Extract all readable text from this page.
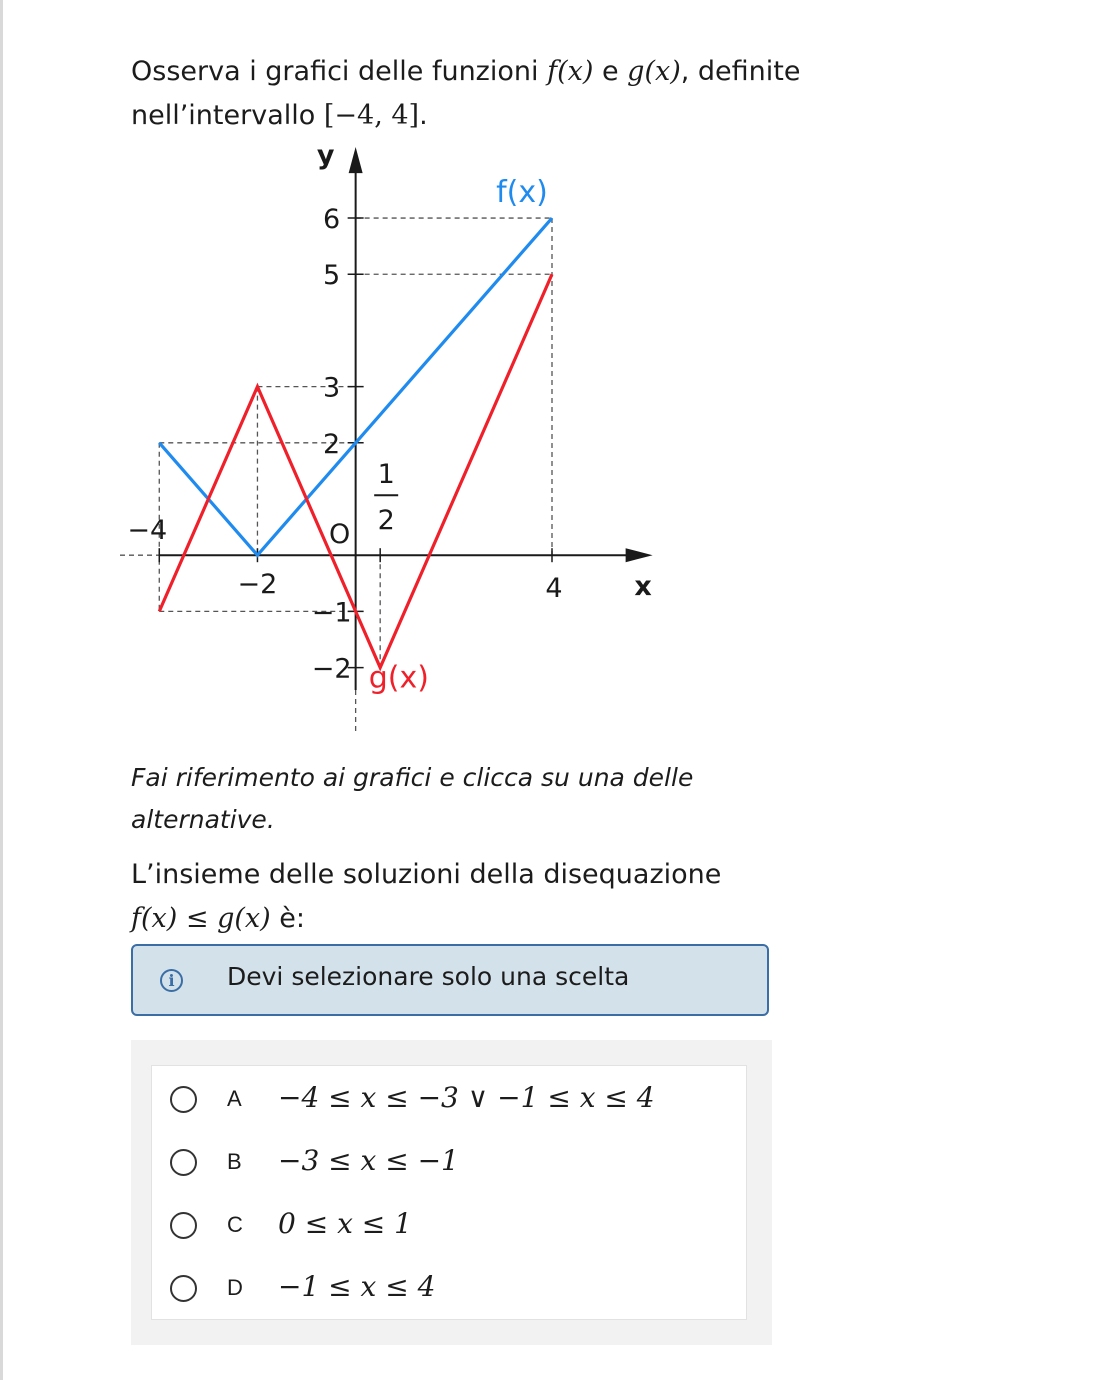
Osserva i grafici delle funzioni f(x) e g(x), definite
nell’intervallo [−4, 4].
6
5
3
2
−1
−2
−4
−2	4
1
2
x
y
O
f(x)
g(x)
Fai riferimento ai grafici e clicca su una delle
alternative.
L’insieme delle soluzioni della disequazione
f(x) ≤ g(x) è:
i	Devi selezionare solo una scelta
A −4 ≤ x ≤ −3 ∨ −1 ≤ x ≤ 4
B −3 ≤ x ≤ −1
C 0 ≤ x ≤ 1
D −1 ≤ x ≤ 4
